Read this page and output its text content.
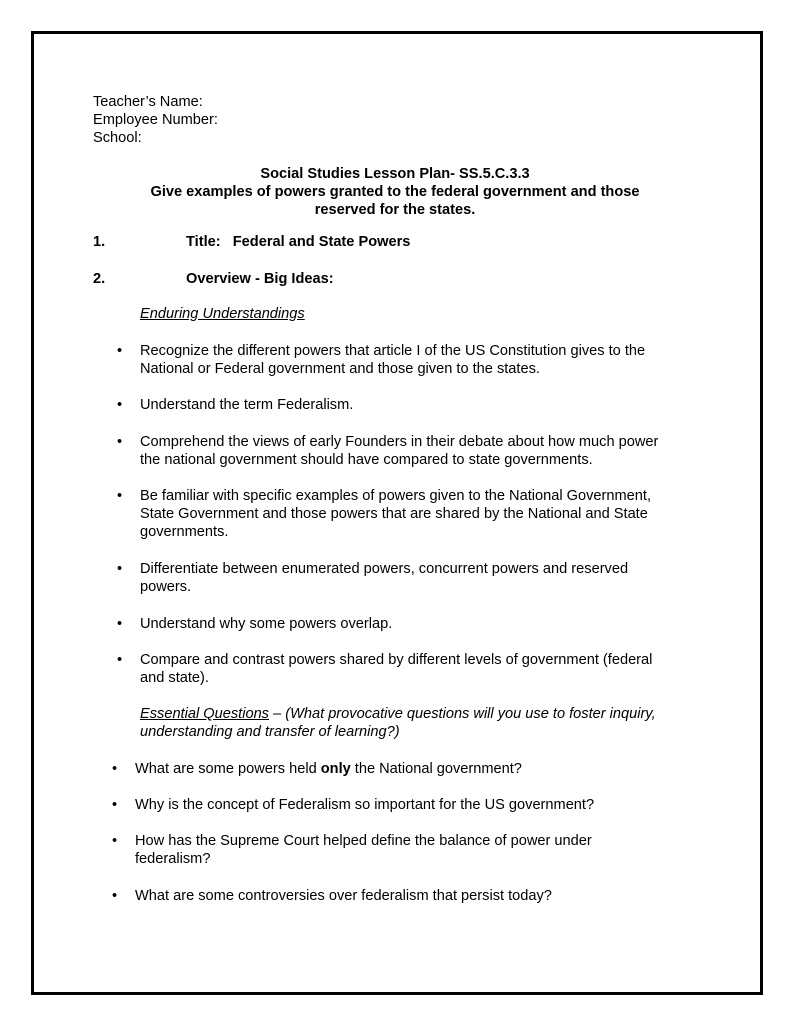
Teacher’s Name:
Employee Number:
School:
Social Studies Lesson Plan- SS.5.C.3.3
Give examples of powers granted to the federal government and those
reserved for the states.
1.	Title:   Federal and State Powers
2.	Overview - Big Ideas:
Enduring Understandings
• Recognize the different powers that article I of the US Constitution gives to the
National or Federal government and those given to the states.
• Understand the term Federalism.
• Comprehend the views of early Founders in their debate about how much power
the national government should have compared to state governments.
• Be familiar with specific examples of powers given to the National Government,
State Government and those powers that are shared by the National and State
governments.
• Differentiate between enumerated powers, concurrent powers and reserved
powers.
• Understand why some powers overlap.
• Compare and contrast powers shared by different levels of government (federal
and state).
Essential Questions – (What provocative questions will you use to foster inquiry,
understanding and transfer of learning?)
• What are some powers held only the National government?
• Why is the concept of Federalism so important for the US government?
• How has the Supreme Court helped define the balance of power under
federalism?
• What are some controversies over federalism that persist today?
